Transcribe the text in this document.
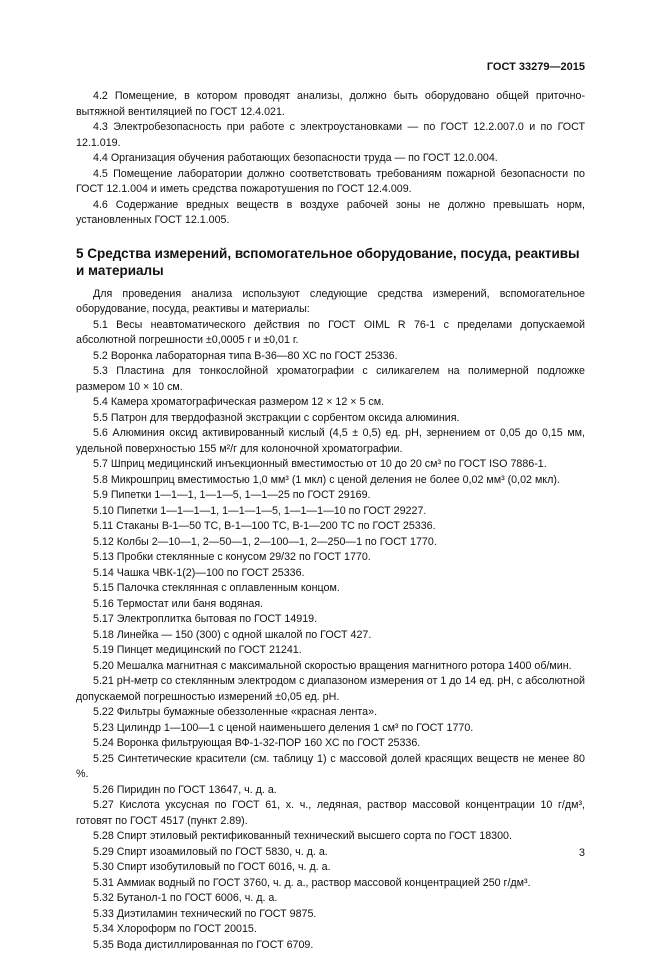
ГОСТ 33279—2015

4.2 Помещение, в котором проводят анализы, должно быть оборудовано общей приточно-вытяжной вентиляцией по ГОСТ 12.4.021.

4.3 Электробезопасность при работе с электроустановками — по ГОСТ 12.2.007.0 и по ГОСТ 12.1.019.

4.4 Организация обучения работающих безопасности труда — по ГОСТ 12.0.004.

4.5 Помещение лаборатории должно соответствовать требованиям пожарной безопасности по ГОСТ 12.1.004 и иметь средства пожаротушения по ГОСТ 12.4.009.

4.6 Содержание вредных веществ в воздухе рабочей зоны не должно превышать норм, установленных ГОСТ 12.1.005.

5 Средства измерений, вспомогательное оборудование, посуда, реактивы
и материалы

Для проведения анализа используют следующие средства измерений, вспомогательное оборудование, посуда, реактивы и материалы:

5.1 Весы неавтоматического действия по ГОСТ OIML R 76-1 с пределами допускаемой абсолютной погрешности ±0,0005 г и ±0,01 г.

5.2 Воронка лабораторная типа В-36—80 ХС по ГОСТ 25336.

5.3 Пластина для тонкослойной хроматографии с силикагелем на полимерной подложке размером 10 × 10 см.

5.4 Камера хроматографическая размером 12 × 12 × 5 см.

5.5 Патрон для твердофазной экстракции с сорбентом оксида алюминия.

5.6 Алюминия оксид активированный кислый (4,5 ± 0,5) ед. рН, зернением от 0,05 до 0,15 мм, удельной поверхностью 155 м²/г для колоночной хроматографии.

5.7 Шприц медицинский инъекционный вместимостью от 10 до 20 см³ по ГОСТ ISO 7886-1.

5.8 Микрошприц вместимостью 1,0 мм³ (1 мкл) с ценой деления не более 0,02 мм³ (0,02 мкл).

5.9 Пипетки 1—1—1, 1—1—5, 1—1—25 по ГОСТ 29169.

5.10 Пипетки 1—1—1—1, 1—1—1—5, 1—1—1—10 по ГОСТ 29227.

5.11 Стаканы В-1—50 ТС, В-1—100 ТС, В-1—200 ТС по ГОСТ 25336.

5.12 Колбы 2—10—1, 2—50—1, 2—100—1, 2—250—1 по ГОСТ 1770.

5.13 Пробки стеклянные с конусом 29/32 по ГОСТ 1770.

5.14 Чашка ЧВК-1(2)—100 по ГОСТ 25336.

5.15 Палочка стеклянная с оплавленным концом.

5.16 Термостат или баня водяная.

5.17 Электроплитка бытовая по ГОСТ 14919.

5.18 Линейка — 150 (300) с одной шкалой по ГОСТ 427.

5.19 Пинцет медицинский по ГОСТ 21241.

5.20 Мешалка магнитная с максимальной скоростью вращения магнитного ротора 1400 об/мин.

5.21 рН-метр со стеклянным электродом с диапазоном измерения от 1 до 14 ед. рН, с абсолютной допускаемой погрешностью измерений ±0,05 ед. рН.

5.22 Фильтры бумажные обеззоленные «красная лента».

5.23 Цилиндр 1—100—1 с ценой наименьшего деления 1 см³ по ГОСТ 1770.

5.24 Воронка фильтрующая ВФ-1-32-ПОР 160 ХС по ГОСТ 25336.

5.25 Синтетические красители (см. таблицу 1) с массовой долей красящих веществ не менее 80 %.

5.26 Пиридин по ГОСТ 13647, ч. д. а.

5.27 Кислота уксусная по ГОСТ 61, х. ч., ледяная, раствор массовой концентрации 10 г/дм³, готовят по ГОСТ 4517 (пункт 2.89).

5.28 Спирт этиловый ректификованный технический высшего сорта по ГОСТ 18300.

5.29 Спирт изоамиловый по ГОСТ 5830, ч. д. а.

5.30 Спирт изобутиловый по ГОСТ 6016, ч. д. а.

5.31 Аммиак водный по ГОСТ 3760, ч. д. а., раствор массовой концентрацией 250 г/дм³.

5.32 Бутанол-1 по ГОСТ 6006, ч. д. а.

5.33 Диэтиламин технический по ГОСТ 9875.

5.34 Хлороформ по ГОСТ 20015.

5.35 Вода дистиллированная по ГОСТ 6709.

3
